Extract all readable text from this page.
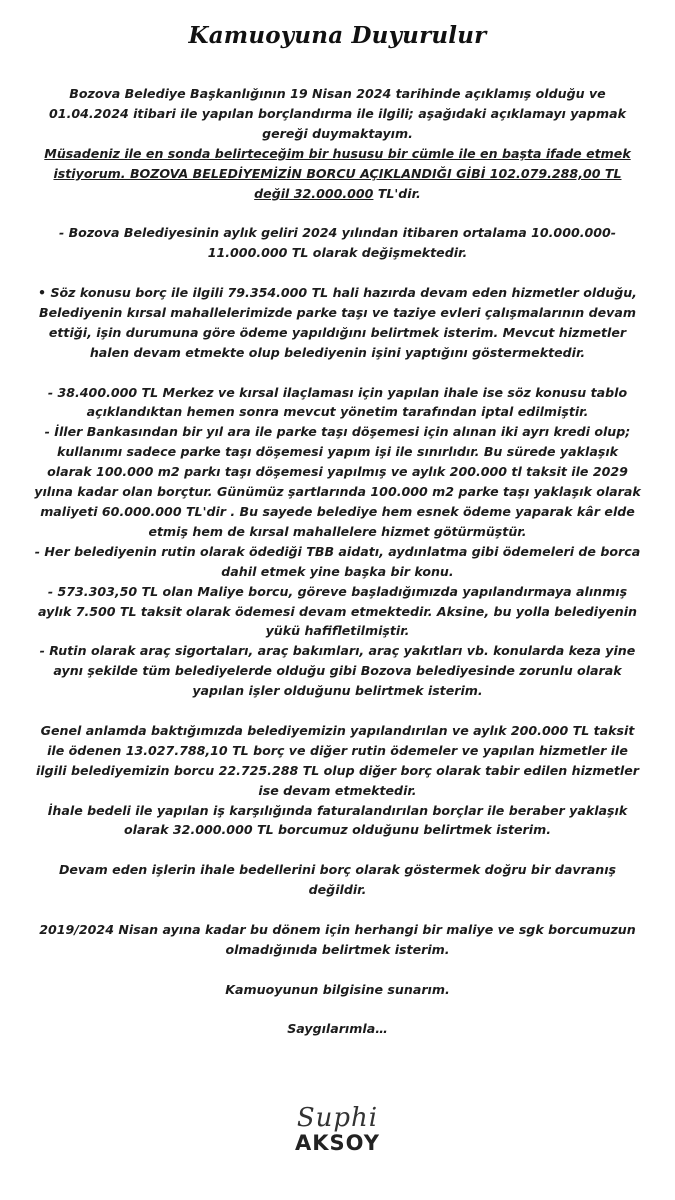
Kamuoyuna Duyurulur

Bozova Belediye Başkanlığının 19 Nisan 2024 tarihinde açıklamış olduğu ve 01.04.2024 itibari ile yapılan borçlandırma ile ilgili; aşağıdaki açıklamayı yapmak gereği duymaktayım.

Müsadeniz ile en sonda belirteceğim bir hususu bir cümle ile en başta ifade etmek istiyorum. BOZOVA BELEDİYEMİZİN BORCU AÇIKLANDIĞI GİBİ 102.079.288,00 TL değil 32.000.000 TL'dir.

- Bozova Belediyesinin aylık geliri 2024 yılından itibaren ortalama 10.000.000-11.000.000 TL olarak değişmektedir.

• Söz konusu borç ile ilgili 79.354.000 TL hali hazırda devam eden hizmetler olduğu, Belediyenin kırsal mahallelerimizde parke taşı ve taziye evleri çalışmalarının devam ettiği, işin durumuna göre ödeme yapıldığını belirtmek isterim. Mevcut hizmetler halen devam etmekte olup belediyenin işini yaptığını göstermektedir.

- 38.400.000 TL Merkez ve kırsal ilaçlaması için yapılan ihale ise söz konusu tablo açıklandıktan hemen sonra mevcut yönetim tarafından iptal edilmiştir.

- İller Bankasından bir yıl ara ile parke taşı döşemesi için alınan iki ayrı kredi olup; kullanımı sadece parke taşı döşemesi yapım işi ile sınırlıdır. Bu sürede yaklaşık olarak 100.000 m2 parkı taşı döşemesi yapılmış ve aylık 200.000 tl taksit ile 2029 yılına kadar olan borçtur. Günümüz şartlarında 100.000 m2 parke taşı yaklaşık olarak maliyeti 60.000.000 TL'dir . Bu sayede belediye hem esnek ödeme yaparak kâr elde etmiş hem de kırsal mahallelere hizmet götürmüştür.

- Her belediyenin rutin olarak ödediği TBB aidatı, aydınlatma gibi ödemeleri de borca dahil etmek yine başka bir konu.

- 573.303,50 TL olan Maliye borcu, göreve başladığımızda yapılandırmaya alınmış aylık 7.500 TL taksit olarak ödemesi devam etmektedir. Aksine, bu yolla belediyenin yükü hafifletilmiştir.

- Rutin olarak araç sigortaları, araç bakımları, araç yakıtları vb. konularda keza yine aynı şekilde tüm belediyelerde olduğu gibi Bozova belediyesinde zorunlu olarak yapılan işler olduğunu belirtmek isterim.

Genel anlamda baktığımızda belediyemizin yapılandırılan ve aylık 200.000 TL taksit ile ödenen 13.027.788,10 TL borç ve diğer rutin ödemeler ve yapılan hizmetler ile ilgili belediyemizin borcu 22.725.288 TL olup diğer borç olarak tabir edilen hizmetler ise devam etmektedir.

İhale bedeli ile yapılan iş karşılığında faturalandırılan borçlar ile beraber yaklaşık olarak 32.000.000 TL borcumuz olduğunu belirtmek isterim.

Devam eden işlerin ihale bedellerini borç olarak göstermek doğru bir davranış değildir.

2019/2024 Nisan ayına kadar bu dönem için herhangi bir maliye ve sgk borcumuzun olmadığınıda belirtmek isterim.

Kamuoyunun bilgisine sunarım.

Saygılarımla…

Suphi
AKSOY
